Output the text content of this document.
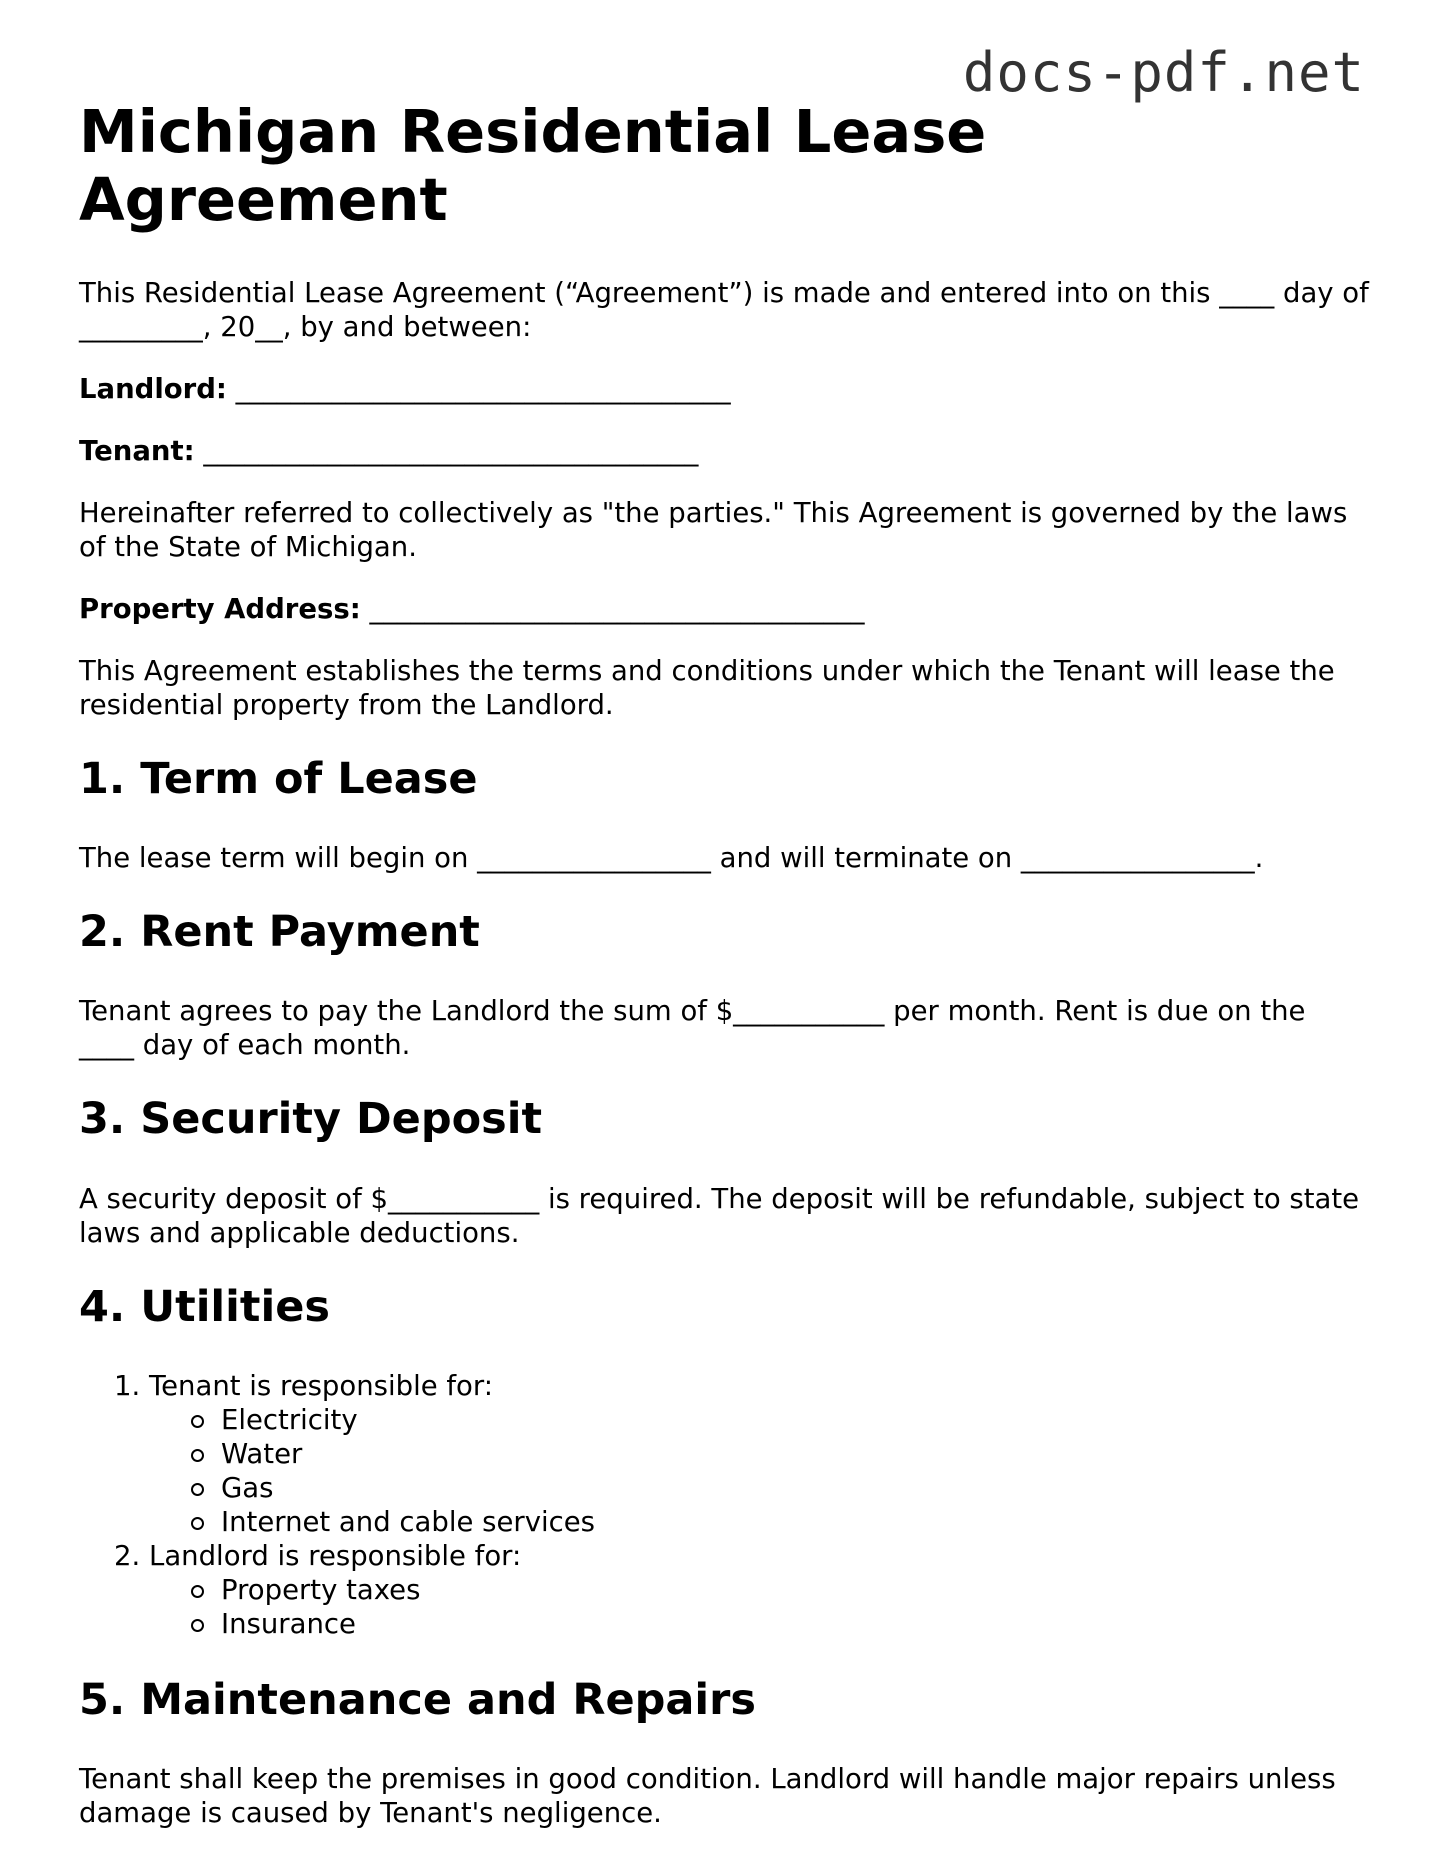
docs-pdf.net
Michigan Residential Lease Agreement

This Residential Lease Agreement (“Agreement”) is made and entered into on this ____ day of _________, 20__, by and between:

Landlord: ____________________________________
Tenant: ____________________________________

Hereinafter referred to collectively as "the parties." This Agreement is governed by the laws of the State of Michigan.

Property Address: ____________________________________

This Agreement establishes the terms and conditions under which the Tenant will lease the residential property from the Landlord.

1. Term of Lease

The lease term will begin on _________________ and will terminate on _________________.

2. Rent Payment

Tenant agrees to pay the Landlord the sum of $___________ per month. Rent is due on the ____ day of each month.

3. Security Deposit

A security deposit of $___________ is required. The deposit will be refundable, subject to state laws and applicable deductions.

4. Utilities
1. Tenant is responsible for:
Electricity
Water
Gas
Internet and cable services
2. Landlord is responsible for:
Property taxes
Insurance
5. Maintenance and Repairs

Tenant shall keep the premises in good condition. Landlord will handle major repairs unless damage is caused by Tenant's negligence.
